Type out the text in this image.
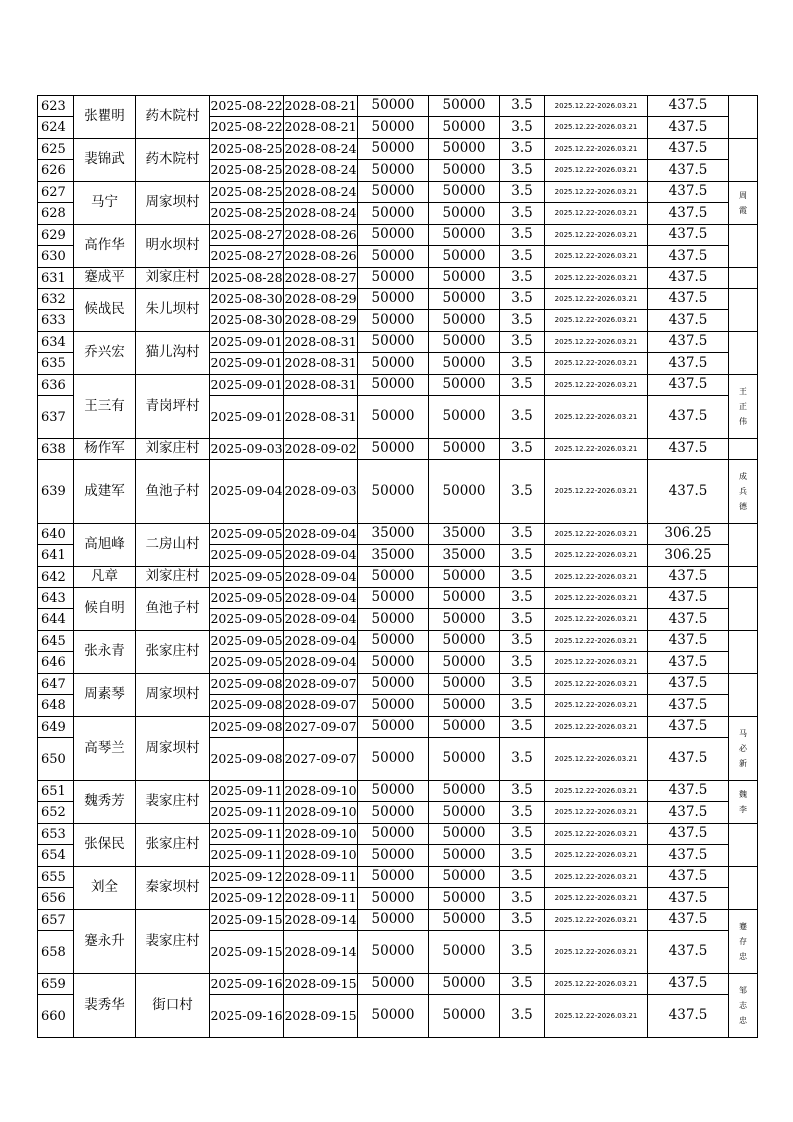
623	张瞿明	药木院村	2025-08-22	2028-08-21	50000	50000	3.5	2025.12.22-2026.03.21	437.5	
624			2025-08-22	2028-08-21	50000	50000	3.5	2025.12.22-2026.03.21	437.5	
625	裴锦武	药木院村	2025-08-25	2028-08-24	50000	50000	3.5	2025.12.22-2026.03.21	437.5	
626			2025-08-25	2028-08-24	50000	50000	3.5	2025.12.22-2026.03.21	437.5	
627	马宁	周家坝村	2025-08-25	2028-08-24	50000	50000	3.5	2025.12.22-2026.03.21	437.5	周
霞

628			2025-08-25	2028-08-24	50000	50000	3.5	2025.12.22-2026.03.21	437.5	
629	高作华	明水坝村	2025-08-27	2028-08-26	50000	50000	3.5	2025.12.22-2026.03.21	437.5	
630			2025-08-27	2028-08-26	50000	50000	3.5	2025.12.22-2026.03.21	437.5	
631	蹇成平	刘家庄村	2025-08-28	2028-08-27	50000	50000	3.5	2025.12.22-2026.03.21	437.5	
632	候战民	朱儿坝村	2025-08-30	2028-08-29	50000	50000	3.5	2025.12.22-2026.03.21	437.5	
633			2025-08-30	2028-08-29	50000	50000	3.5	2025.12.22-2026.03.21	437.5	
634	乔兴宏	猫儿沟村	2025-09-01	2028-08-31	50000	50000	3.5	2025.12.22-2026.03.21	437.5	
635			2025-09-01	2028-08-31	50000	50000	3.5	2025.12.22-2026.03.21	437.5	
636	王三有	青岗坪村	2025-09-01	2028-08-31	50000	50000	3.5	2025.12.22-2026.03.21	437.5	王
正
伟

637			2025-09-01	2028-08-31	50000	50000	3.5	2025.12.22-2026.03.21	437.5	
638	杨作军	刘家庄村	2025-09-03	2028-09-02	50000	50000	3.5	2025.12.22-2026.03.21	437.5	
639	成建军	鱼池子村	2025-09-04	2028-09-03	50000	50000	3.5	2025.12.22-2026.03.21	437.5	成
兵
德

640	高旭峰	二房山村	2025-09-05	2028-09-04	35000	35000	3.5	2025.12.22-2026.03.21	306.25	
641			2025-09-05	2028-09-04	35000	35000	3.5	2025.12.22-2026.03.21	306.25	
642	凡章	刘家庄村	2025-09-05	2028-09-04	50000	50000	3.5	2025.12.22-2026.03.21	437.5	
643	候自明	鱼池子村	2025-09-05	2028-09-04	50000	50000	3.5	2025.12.22-2026.03.21	437.5	
644			2025-09-05	2028-09-04	50000	50000	3.5	2025.12.22-2026.03.21	437.5	
645	张永青	张家庄村	2025-09-05	2028-09-04	50000	50000	3.5	2025.12.22-2026.03.21	437.5	
646			2025-09-05	2028-09-04	50000	50000	3.5	2025.12.22-2026.03.21	437.5	
647	周素琴	周家坝村	2025-09-08	2028-09-07	50000	50000	3.5	2025.12.22-2026.03.21	437.5	
648			2025-09-08	2028-09-07	50000	50000	3.5	2025.12.22-2026.03.21	437.5	
649	高琴兰	周家坝村	2025-09-08	2027-09-07	50000	50000	3.5	2025.12.22-2026.03.21	437.5	马
必
新

650			2025-09-08	2027-09-07	50000	50000	3.5	2025.12.22-2026.03.21	437.5	
651	魏秀芳	裴家庄村	2025-09-11	2028-09-10	50000	50000	3.5	2025.12.22-2026.03.21	437.5	魏
李

652			2025-09-11	2028-09-10	50000	50000	3.5	2025.12.22-2026.03.21	437.5	
653	张保民	张家庄村	2025-09-11	2028-09-10	50000	50000	3.5	2025.12.22-2026.03.21	437.5	
654			2025-09-11	2028-09-10	50000	50000	3.5	2025.12.22-2026.03.21	437.5	
655	刘全	秦家坝村	2025-09-12	2028-09-11	50000	50000	3.5	2025.12.22-2026.03.21	437.5	
656			2025-09-12	2028-09-11	50000	50000	3.5	2025.12.22-2026.03.21	437.5	
657	蹇永升	裴家庄村	2025-09-15	2028-09-14	50000	50000	3.5	2025.12.22-2026.03.21	437.5	蹇
存
忠

658			2025-09-15	2028-09-14	50000	50000	3.5	2025.12.22-2026.03.21	437.5	
659	裴秀华	街口村	2025-09-16	2028-09-15	50000	50000	3.5	2025.12.22-2026.03.21	437.5	邹
志
忠

660			2025-09-16	2028-09-15	50000	50000	3.5	2025.12.22-2026.03.21	437.5	
